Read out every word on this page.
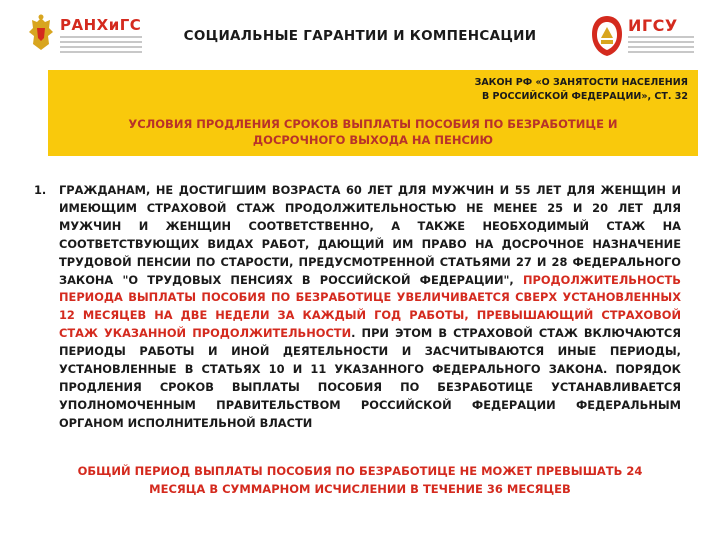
РАНХиГС
СОЦИАЛЬНЫЕ ГАРАНТИИ И КОМПЕНСАЦИИ
ИГСУ
ЗАКОН РФ «О ЗАНЯТОСТИ НАСЕЛЕНИЯ
В РОССИЙСКОЙ ФЕДЕРАЦИИ», СТ. 32
УСЛОВИЯ ПРОДЛЕНИЯ СРОКОВ ВЫПЛАТЫ ПОСОБИЯ ПО БЕЗРАБОТИЦЕ И
ДОСРОЧНОГО ВЫХОДА НА ПЕНСИЮ
1. ГРАЖДАНАМ, НЕ ДОСТИГШИМ ВОЗРАСТА 60 ЛЕТ ДЛЯ МУЖЧИН И 55 ЛЕТ ДЛЯ ЖЕНЩИН И ИМЕЮЩИМ СТРАХОВОЙ СТАЖ ПРОДОЛЖИТЕЛЬНОСТЬЮ НЕ МЕНЕЕ 25 И 20 ЛЕТ ДЛЯ МУЖЧИН И ЖЕНЩИН СООТВЕТСТВЕННО, А ТАКЖЕ НЕОБХОДИМЫЙ СТАЖ НА СООТВЕТСТВУЮЩИХ ВИДАХ РАБОТ, ДАЮЩИЙ ИМ ПРАВО НА ДОСРОЧНОЕ НАЗНАЧЕНИЕ ТРУДОВОЙ ПЕНСИИ ПО СТАРОСТИ, ПРЕДУСМОТРЕННОЙ СТАТЬЯМИ 27 И 28 ФЕДЕРАЛЬНОГО ЗАКОНА "О ТРУДОВЫХ ПЕНСИЯХ В РОССИЙСКОЙ ФЕДЕРАЦИИ", ПРОДОЛЖИТЕЛЬНОСТЬ ПЕРИОДА ВЫПЛАТЫ ПОСОБИЯ ПО БЕЗРАБОТИЦЕ УВЕЛИЧИВАЕТСЯ СВЕРХ УСТАНОВЛЕННЫХ 12 МЕСЯЦЕВ НА ДВЕ НЕДЕЛИ ЗА КАЖДЫЙ ГОД РАБОТЫ, ПРЕВЫШАЮЩИЙ СТРАХОВОЙ СТАЖ УКАЗАННОЙ ПРОДОЛЖИТЕЛЬНОСТИ. ПРИ ЭТОМ В СТРАХОВОЙ СТАЖ ВКЛЮЧАЮТСЯ ПЕРИОДЫ РАБОТЫ И ИНОЙ ДЕЯТЕЛЬНОСТИ И ЗАСЧИТЫВАЮТСЯ ИНЫЕ ПЕРИОДЫ, УСТАНОВЛЕННЫЕ В СТАТЬЯХ 10 И 11 УКАЗАННОГО ФЕДЕРАЛЬНОГО ЗАКОНА. ПОРЯДОК ПРОДЛЕНИЯ СРОКОВ ВЫПЛАТЫ ПОСОБИЯ ПО БЕЗРАБОТИЦЕ УСТАНАВЛИВАЕТСЯ УПОЛНОМОЧЕННЫМ ПРАВИТЕЛЬСТВОМ РОССИЙСКОЙ ФЕДЕРАЦИИ ФЕДЕРАЛЬНЫМ ОРГАНОМ ИСПОЛНИТЕЛЬНОЙ ВЛАСТИ
ОБЩИЙ ПЕРИОД ВЫПЛАТЫ ПОСОБИЯ ПО БЕЗРАБОТИЦЕ НЕ МОЖЕТ ПРЕВЫШАТЬ 24
МЕСЯЦА В СУММАРНОМ ИСЧИСЛЕНИИ В ТЕЧЕНИЕ 36 МЕСЯЦЕВ
